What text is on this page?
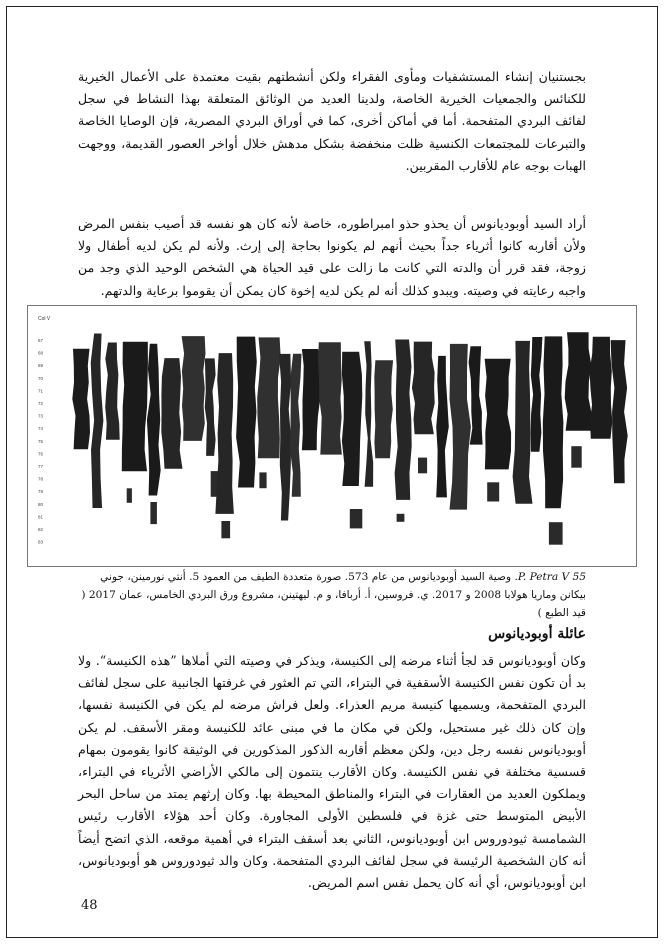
بجستنيان إنشاء المستشفيات ومأوى الفقراء ولكن أنشطتهم بقيت معتمدة على الأعمال الخيرية للكنائس والجمعيات الخيرية الخاصة، ولدينا العديد من الوثائق المتعلقة بهذا النشاط في سجل لفائف البردي المتفحمة. أما في أماكن أخرى، كما في أوراق البردي المصرية، فإن الوصايا الخاصة والتبرعات للمجتمعات الكنسية ظلت منخفضة بشكل مدهش خلال أواخر العصور القديمة، ووجهت الهبات بوجه عام للأقارب المقربين.

أراد السيد أوبوديانوس أن يحذو حذو امبراطوره، خاصة لأنه كان هو نفسه قد أصيب بنفس المرض ولأن أقاربه كانوا أثرياء جداً بحيث أنهم لم يكونوا بحاجة إلى إرث. ولأنه لم يكن لديه أطفال ولا زوجة، فقد قرر أن والدته التي كانت ما زالت على قيد الحياة هي الشخص الوحيد الذي وجد من واجبه رعايته في وصيته. ويبدو كذلك أنه لم يكن لديه إخوة كان يمكن أن يقوموا برعاية والدتهم.

Col V
67
68
69
70
71
72
73
74
75
76
77
78
79
80
81
82
83

P. Petra V 55. وصية السيد أوبوديانوس من عام 573. صورة متعددة الطيف من العمود 5. أنتي نورمينن، جوني بيكانن وماريا هولابا 2008 و 2017. ي. فروسين، أ. أربافا، و م. ليهتينن، مشروع ورق البردي الخامس، عمان 2017 ( قيد الطبع )

عائلة أوبوديانوس

وكان أوبوديانوس قد لجأ أثناء مرضه إلى الكنيسة، ويذكر في وصيته التي أملاها ”هذه الكنيسة“. ولا بد أن تكون نفس الكنيسة الأسقفية في البتراء، التي تم العثور في غرفتها الجانبية على سجل لفائف البردي المتفحمة، ويسميها كنيسة مريم العذراء. ولعل فراش مرضه لم يكن في الكنيسة نفسها، وإن كان ذلك غير مستحيل، ولكن في مكان ما في مبنى عائد للكنيسة ومقر الأسقف. لم يكن أوبوديانوس نفسه رجل دين، ولكن معظم أقاربه الذكور المذكورين في الوثيقة كانوا يقومون بمهام قسسية مختلفة في نفس الكنيسة. وكان الأقارب ينتمون إلى مالكي الأراضي الأثرياء في البتراء، ويملكون العديد من العقارات في البتراء والمناطق المحيطة بها. وكان إرثهم يمتد من ساحل البحر الأبيض المتوسط حتى غزة في فلسطين الأولى المجاورة. وكان أحد هؤلاء الأقارب رئيس الشمامسة ثيودوروس ابن أوبوديانوس، الثاني بعد أسقف البتراء في أهمية موقعه، الذي اتضح أيضاً أنه كان الشخصية الرئيسة في سجل لفائف البردي المتفحمة. وكان والد ثيودوروس هو أوبوديانوس، ابن أوبوديانوس، أي أنه كان يحمل نفس اسم المريض.

48
